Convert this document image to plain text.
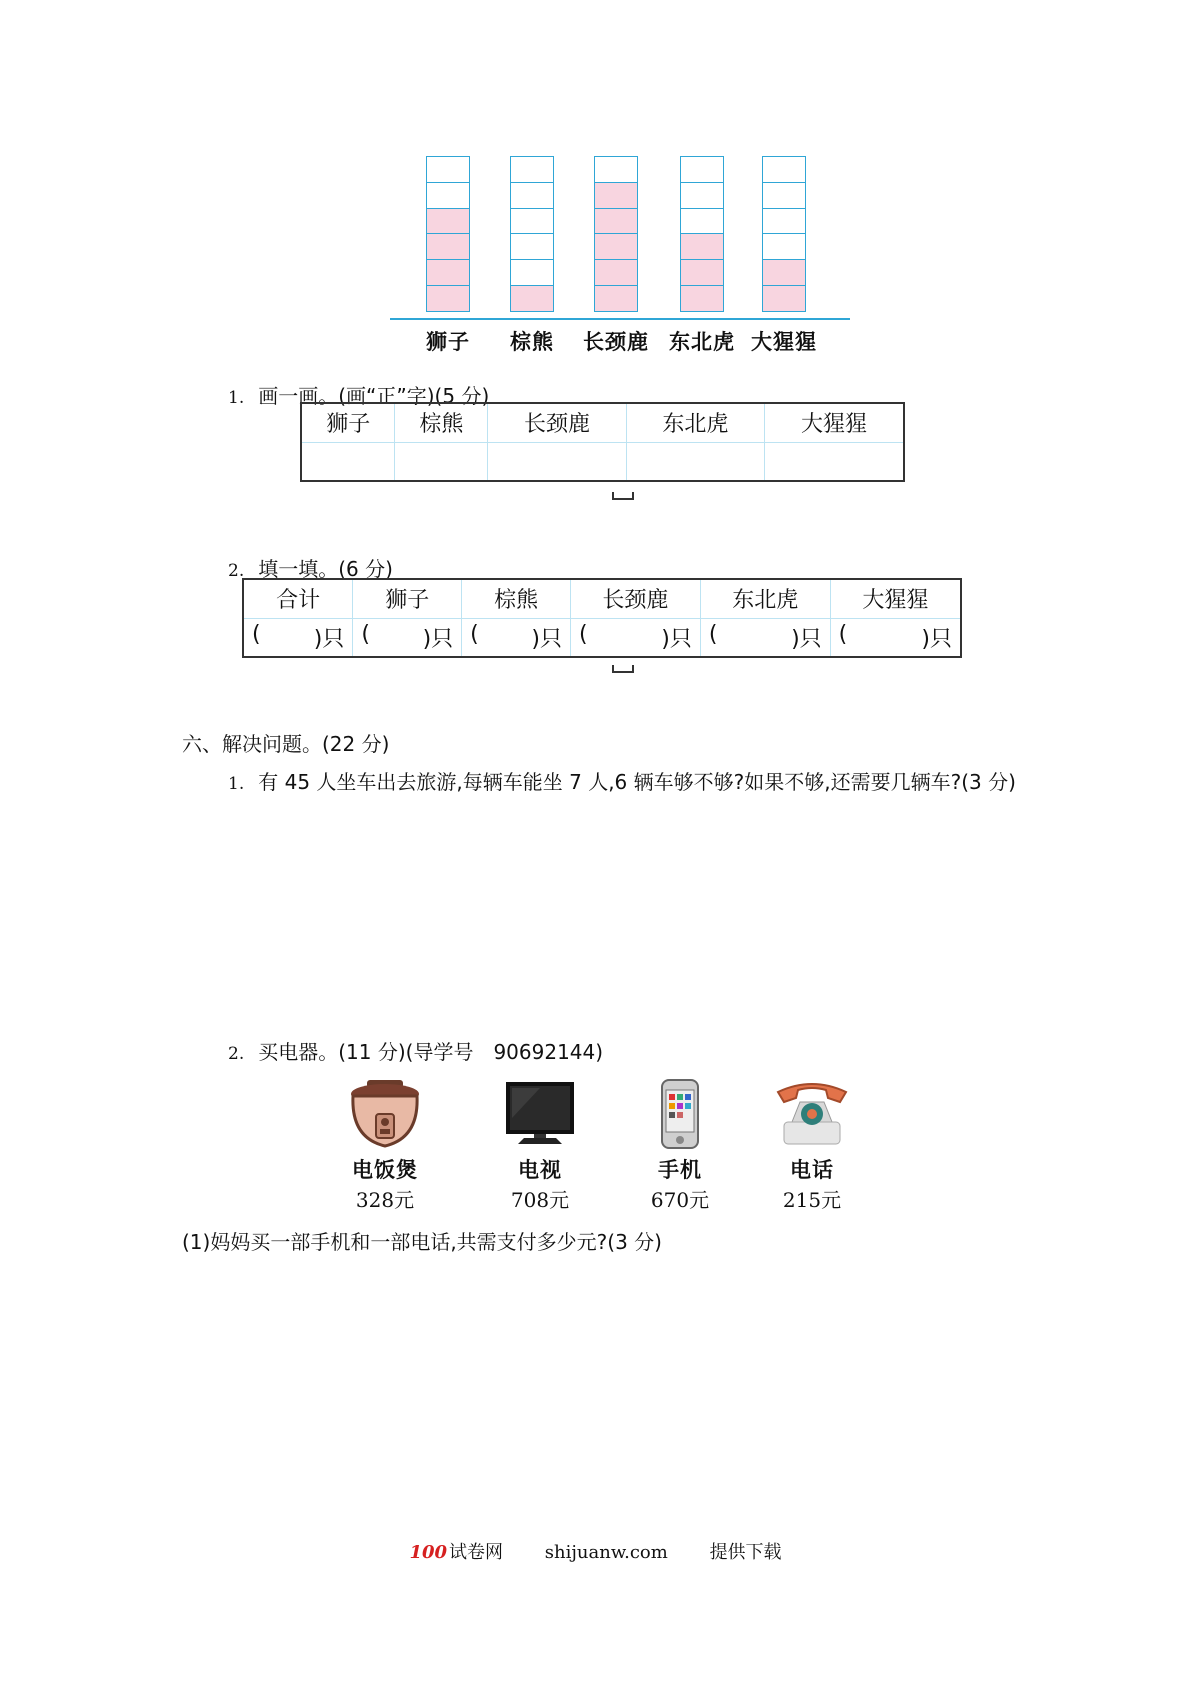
狮子	棕熊	长颈鹿 东北虎 大猩猩
1. 画一画。(画“正”字)(5 分)
狮子	棕熊	长颈鹿	东北虎	大猩猩

2. 填一填。(6 分)
合计	狮子	棕熊	长颈鹿	东北虎	大猩猩

( )只	( )只	( )只	( )只	( )只	( )只
六、解决问题。(22 分)
1. 有 45 人坐车出去旅游,每辆车能坐 7 人,6 辆车够不够?如果不够,还需要几辆车?(3 分)
2. 买电器。(11 分)(导学号　90692144)
电饭煲
328元
电视
708元
手机
670元
电话
215元
(1)妈妈买一部手机和一部电话,共需支付多少元?(3 分)
100 试卷网 shijuanw.com 提供下载
